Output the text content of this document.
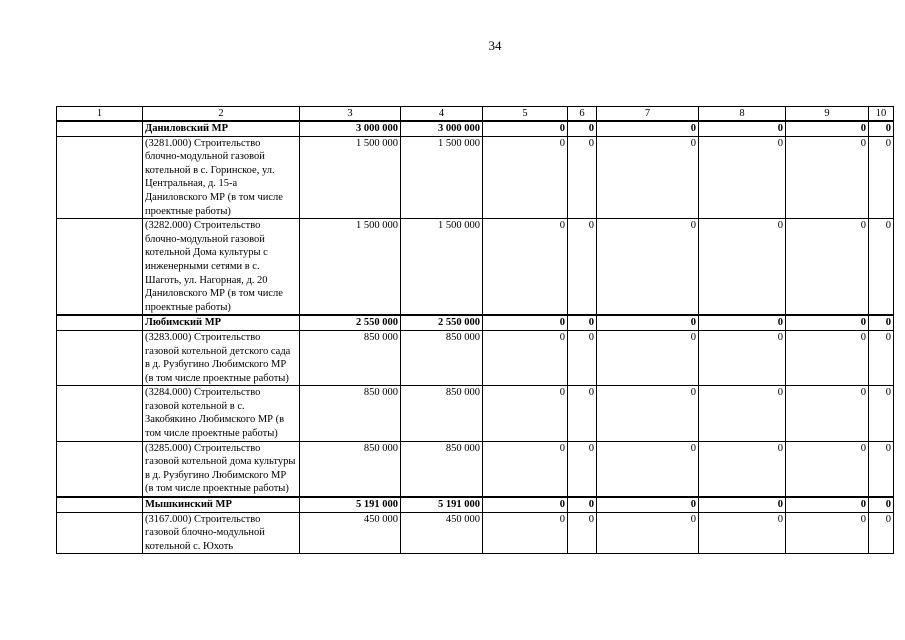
34
1	2	3	4	5	6	7	8	9	10
	Даниловский МР	3 000 000	3 000 000	0	0	0	0	0	0
	(3281.000) Строительство блочно-модульной газовой котельной в с. Горинское, ул. Центральная, д. 15-а Даниловского МР (в том числе проектные работы)	1 500 000	1 500 000	0	0	0	0	0	0
	(3282.000) Строительство блочно-модульной газовой котельной Дома культуры с инженерными сетями в с. Шаготь, ул. Нагорная, д. 20 Даниловского МР (в том числе проектные работы)	1 500 000	1 500 000	0	0	0	0	0	0
	Любимский МР	2 550 000	2 550 000	0	0	0	0	0	0
	(3283.000) Строительство газовой котельной детского сада в д. Рузбугино Любимского МР (в том числе проектные работы)	850 000	850 000	0	0	0	0	0	0
	(3284.000) Строительство газовой котельной в с. Закобякино Любимского МР (в том числе проектные работы)	850 000	850 000	0	0	0	0	0	0
	(3285.000) Строительство газовой котельной дома культуры в д. Рузбугино Любимского МР (в том числе проектные работы)	850 000	850 000	0	0	0	0	0	0
	Мышкинский МР	5 191 000	5 191 000	0	0	0	0	0	0
	(3167.000) Строительство газовой блочно-модульной котельной с. Юхоть	450 000	450 000	0	0	0	0	0	0
